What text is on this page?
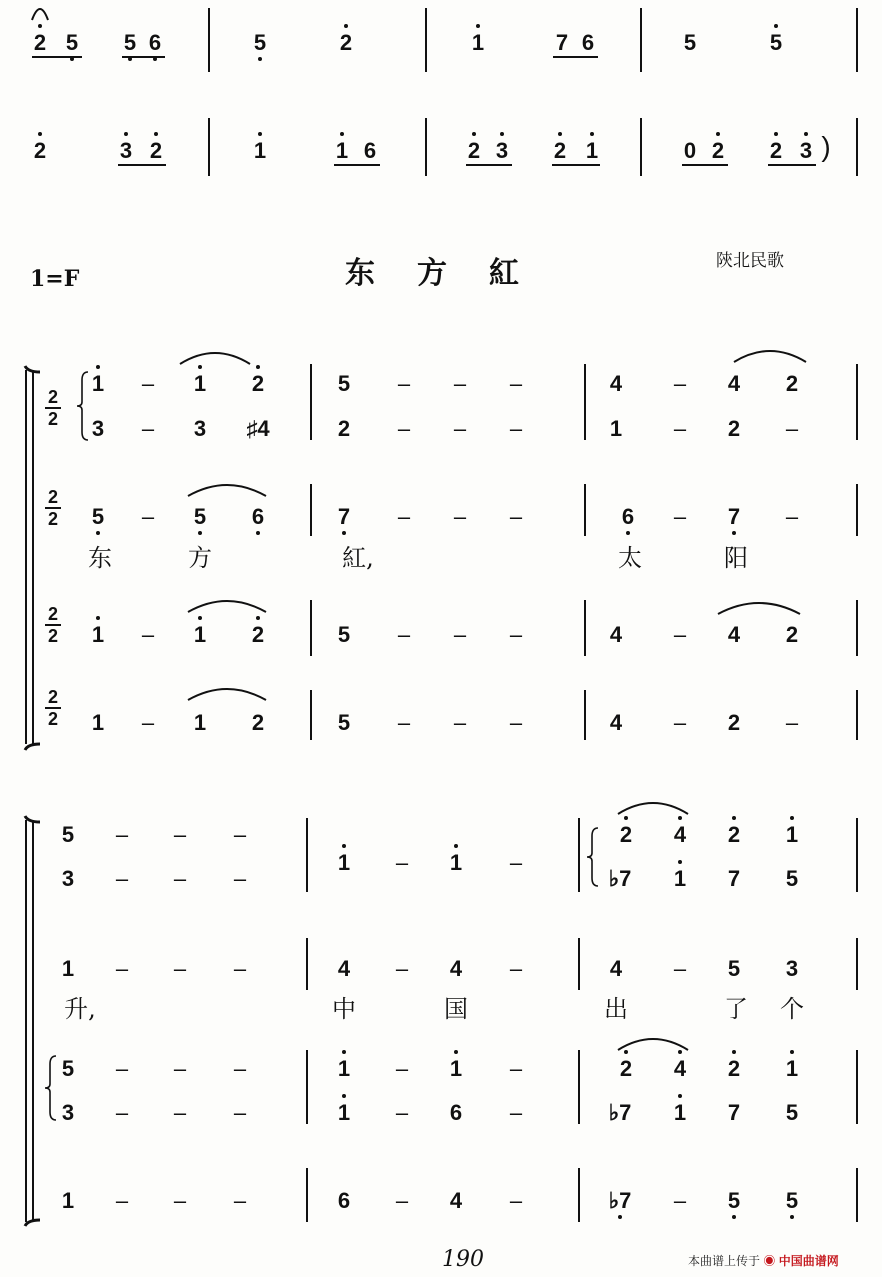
1=F	东方紅	陝北民歌
190	本曲谱上传于 ◉ 中国曲谱网
2 5 5 6	5	2	1	7 6	5	5
2	3 2	1	1 6	2 3 2 1	0 2 2 3 )
2
2
2
2
2
2
2
2
1 – 1 2
3 – 3 ♯4
5 – – –
2 – – –
4 – 4 2
1 – 2 –
5 – 5 6	7 – – –	6 – 7 –
东	方	紅,	太	阳
1 – 1 2	5 – – –	4 – 4 2
1 – 1 2	5 – – –	4 – 2 –
5 – – –
3 – – –
1 – 1 –
2 4 2 1
♭7 1 7 5
1 – – –	4 – 4 –	4 – 5 3
升,	中	国	出	了 个
5 – – –
3 – – –
1 – 1 –
1 – 6 –
2 4 2 1
♭7 1 7 5
1 – – –	6 – 4 –	♭7 – 5 5
